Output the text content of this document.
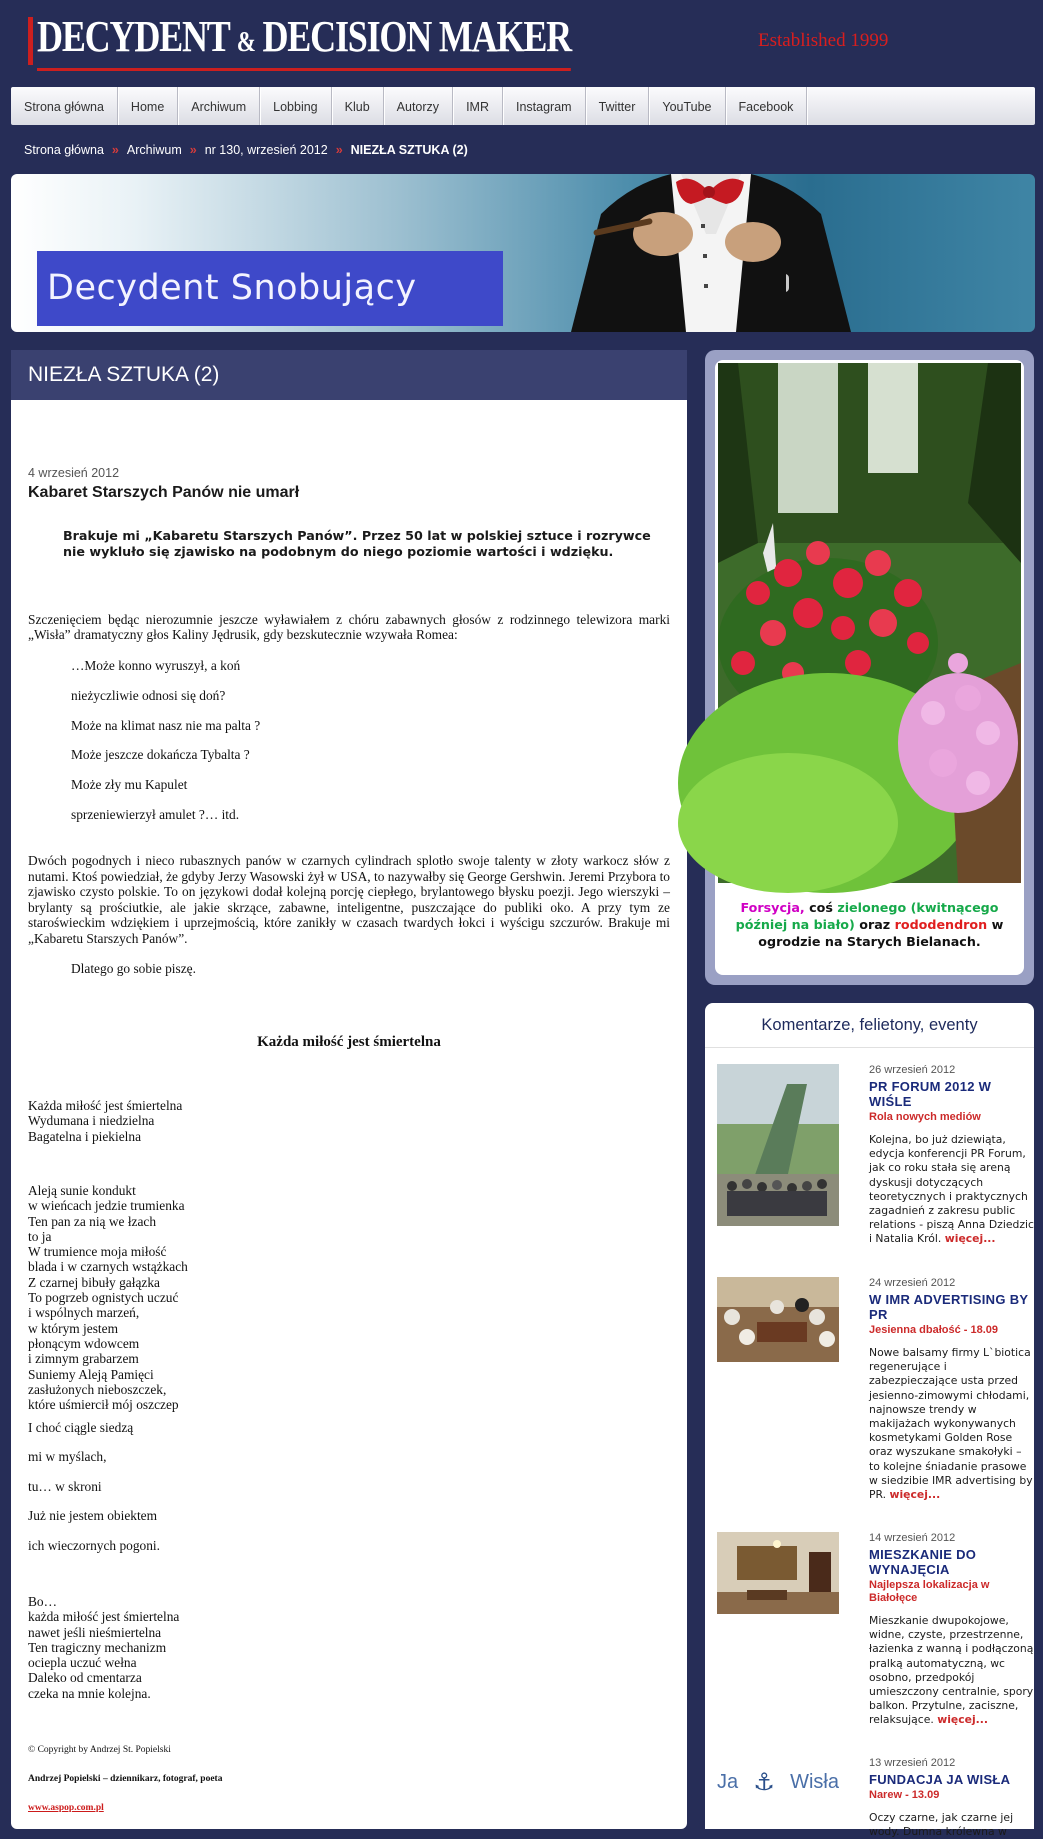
DECYDENT & DECISION MAKER	Established 1999
Strona główna	Home	Archiwum	Lobbing	Klub	Autorzy	IMR	Instagram	Twitter	YouTube	Facebook
Strona główna » Archiwum » nr 130, wrzesień 2012 » NIEZŁA SZTUKA (2)
Decydent Snobujący
NIEZŁA SZTUKA (2)
4 wrzesień 2012
Kabaret Starszych Panów nie umarł
Brakuje mi „Kabaretu Starszych Panów”. Przez 50 lat w polskiej sztuce i rozrywce nie wykluło się zjawisko na podobnym do niego poziomie wartości i wdzięku.
Szczenięciem będąc nierozumnie jeszcze wyławiałem z chóru zabawnych głosów z rodzinnego telewizora marki „Wisła” dramatyczny głos Kaliny Jędrusik, gdy bezskutecznie wzywała Romea:
…Może konno wyruszył, a koń
nieżyczliwie odnosi się doń?
Może na klimat nasz nie ma palta ?
Może jeszcze dokańcza Tybalta ?
Może zły mu Kapulet
sprzeniewierzył amulet ?… itd.
Dwóch pogodnych i nieco rubasznych panów w czarnych cylindrach splotło swoje talenty w złoty warkocz słów z nutami. Ktoś powiedział, że gdyby Jerzy Wasowski żył w USA, to nazywałby się George Gershwin. Jeremi Przybora to zjawisko czysto polskie. To on językowi dodał kolejną porcję ciepłego, brylantowego błysku poezji. Jego wierszyki – brylanty są prościutkie, ale jakie skrzące, zabawne, inteligentne, puszczające do publiki oko. A przy tym ze staroświeckim wdziękiem i uprzejmością, które zanikły w czasach twardych łokci i wyścigu szczurów. Brakuje mi „Kabaretu Starszych Panów”.
Dlatego go sobie piszę.
Każda miłość jest śmiertelna
Każda miłość jest śmiertelna
Wydumana i niedzielna
Bagatelna i piekielna
Aleją sunie kondukt
w wieńcach jedzie trumienka
Ten pan za nią we łzach
to ja
W trumience moja miłość
blada i w czarnych wstążkach
Z czarnej bibuły gałązka
To pogrzeb ognistych uczuć
i wspólnych marzeń,
w którym jestem
płonącym wdowcem
i zimnym grabarzem
Suniemy Aleją Pamięci
zasłużonych nieboszczek,
które uśmiercił mój oszczep
I choć ciągle siedzą
mi w myślach,
tu… w skroni
Już nie jestem obiektem
ich wieczornych pogoni.
Bo…
każda miłość jest śmiertelna
nawet jeśli nieśmiertelna
Ten tragiczny mechanizm
ociepla uczuć wełna
Daleko od cmentarza
czeka na mnie kolejna.
© Copyright by Andrzej St. Popielski
Andrzej Popielski – dziennikarz, fotograf, poeta
www.aspop.com.pl
Forsycja, coś zielonego (kwitnącego później na biało) oraz rododendron w ogrodzie na Starych Bielanach.
Komentarze, felietony, eventy
26 wrzesień 2012
PR FORUM 2012 W WIŚLE
Rola nowych mediów
Kolejna, bo już dziewiąta, edycja konferencji PR Forum, jak co roku stała się areną dyskusji dotyczących teoretycznych i praktycznych zagadnień z zakresu public relations - piszą Anna Dziedzic i Natalia Król. więcej...
24 wrzesień 2012
W IMR ADVERTISING BY PR
Jesienna dbałość - 18.09
Nowe balsamy firmy L`biotica regenerujące i zabezpieczające usta przed jesienno-zimowymi chłodami, najnowsze trendy w makijażach wykonywanych kosmetykami Golden Rose oraz wyszukane smakołyki – to kolejne śniadanie prasowe w siedzibie IMR advertising by PR. więcej...
14 wrzesień 2012
MIESZKANIE DO WYNAJĘCIA
Najlepsza lokalizacja w Białołęce
Mieszkanie dwupokojowe, widne, czyste, przestrzenne, łazienka z wanną i podłączoną pralką automatyczną, wc osobno, przedpokój umieszczony centralnie, spory balkon. Przytulne, zaciszne, relaksujące. więcej...
Ja ⚓ Wisła
13 wrzesień 2012
FUNDACJA JA WISŁA
Narew - 13.09
Oczy czarne, jak czarne jej wody. Dumna królewna w
